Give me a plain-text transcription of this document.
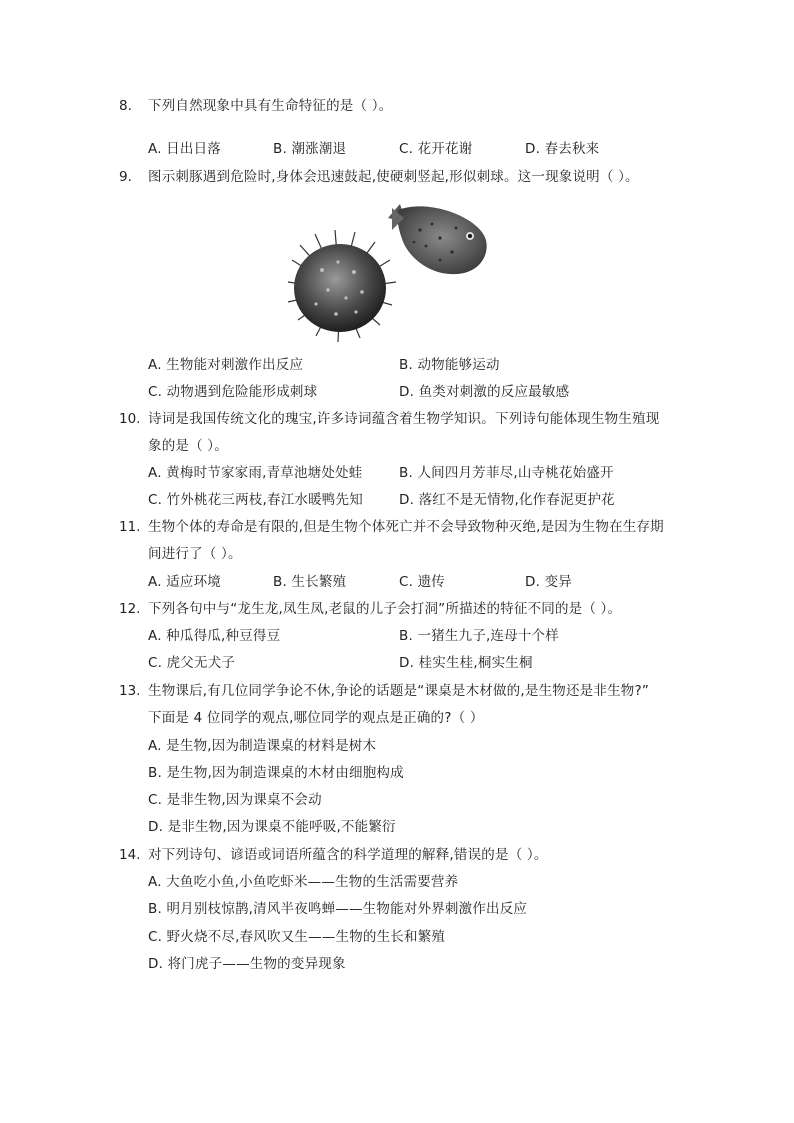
8. 下列自然现象中具有生命特征的是（ ）。
A. 日出日落	B. 潮涨潮退	C. 花开花谢	D. 春去秋来
9. 图示刺豚遇到危险时,身体会迅速鼓起,使硬刺竖起,形似刺球。这一现象说明（ ）。
A. 生物能对刺激作出反应	B. 动物能够运动
C. 动物遇到危险能形成刺球	D. 鱼类对刺激的反应最敏感
10. 诗词是我国传统文化的瑰宝,许多诗词蕴含着生物学知识。下列诗句能体现生物生殖现
象的是（ ）。
A. 黄梅时节家家雨,青草池塘处处蛙	B. 人间四月芳菲尽,山寺桃花始盛开
C. 竹外桃花三两枝,春江水暖鸭先知	D. 落红不是无情物,化作春泥更护花
11. 生物个体的寿命是有限的,但是生物个体死亡并不会导致物种灭绝,是因为生物在生存期
间进行了（ ）。
A. 适应环境	B. 生长繁殖	C. 遗传	D. 变异
12. 下列各句中与“龙生龙,凤生凤,老鼠的儿子会打洞”所描述的特征不同的是（ ）。
A. 种瓜得瓜,种豆得豆	B. 一猪生九子,连母十个样
C. 虎父无犬子	D. 桂实生桂,桐实生桐
13. 生物课后,有几位同学争论不休,争论的话题是“课桌是木材做的,是生物还是非生物?”
下面是 4 位同学的观点,哪位同学的观点是正确的?（ ）
A. 是生物,因为制造课桌的材料是树木
B. 是生物,因为制造课桌的木材由细胞构成
C. 是非生物,因为课桌不会动
D. 是非生物,因为课桌不能呼吸,不能繁衍
14. 对下列诗句、谚语或词语所蕴含的科学道理的解释,错误的是（ ）。
A. 大鱼吃小鱼,小鱼吃虾米——生物的生活需要营养
B. 明月别枝惊鹊,清风半夜鸣蝉——生物能对外界刺激作出反应
C. 野火烧不尽,春风吹又生——生物的生长和繁殖
D. 将门虎子——生物的变异现象
